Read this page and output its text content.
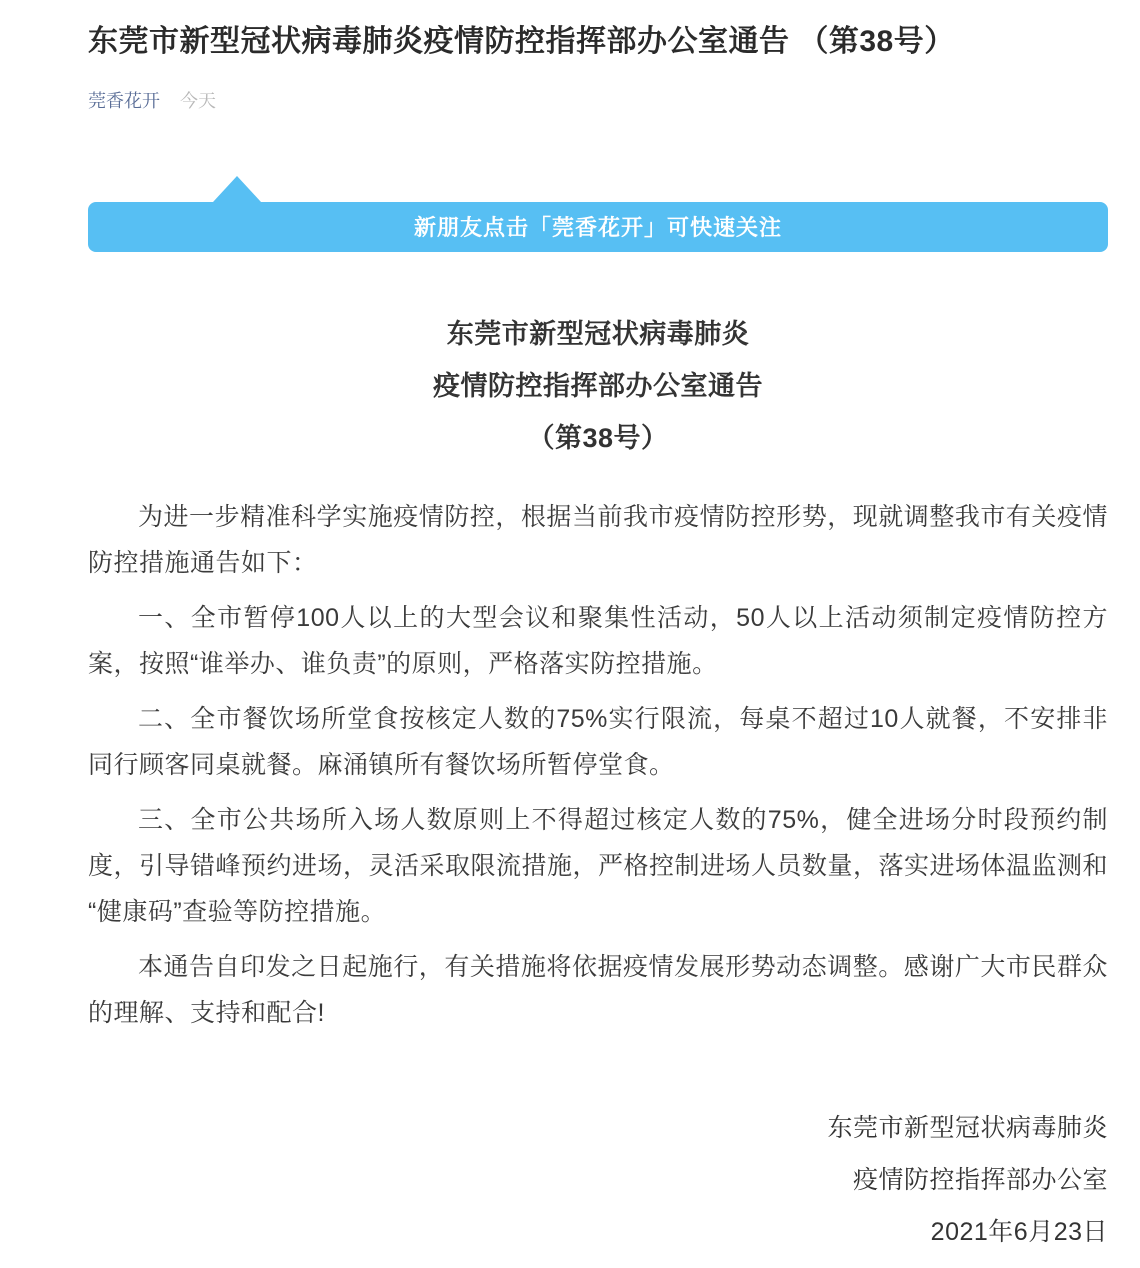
东莞市新型冠状病毒肺炎疫情防控指挥部办公室通告 （第38号）
莞香花开 今天
新朋友点击「莞香花开」可快速关注
东莞市新型冠状病毒肺炎
疫情防控指挥部办公室通告
（第38号）

为进一步精准科学实施疫情防控，根据当前我市疫情防控形势，现就调整我市有关疫情防控措施通告如下：

一、全市暂停100人以上的大型会议和聚集性活动，50人以上活动须制定疫情防控方案，按照“谁举办、谁负责”的原则，严格落实防控措施。

二、全市餐饮场所堂食按核定人数的75%实行限流，每桌不超过10人就餐，不安排非同行顾客同桌就餐。麻涌镇所有餐饮场所暂停堂食。

三、全市公共场所入场人数原则上不得超过核定人数的75%，健全进场分时段预约制度，引导错峰预约进场，灵活采取限流措施，严格控制进场人员数量，落实进场体温监测和“健康码”查验等防控措施。

本通告自印发之日起施行，有关措施将依据疫情发展形势动态调整。感谢广大市民群众的理解、支持和配合!

东莞市新型冠状病毒肺炎
疫情防控指挥部办公室
2021年6月23日
